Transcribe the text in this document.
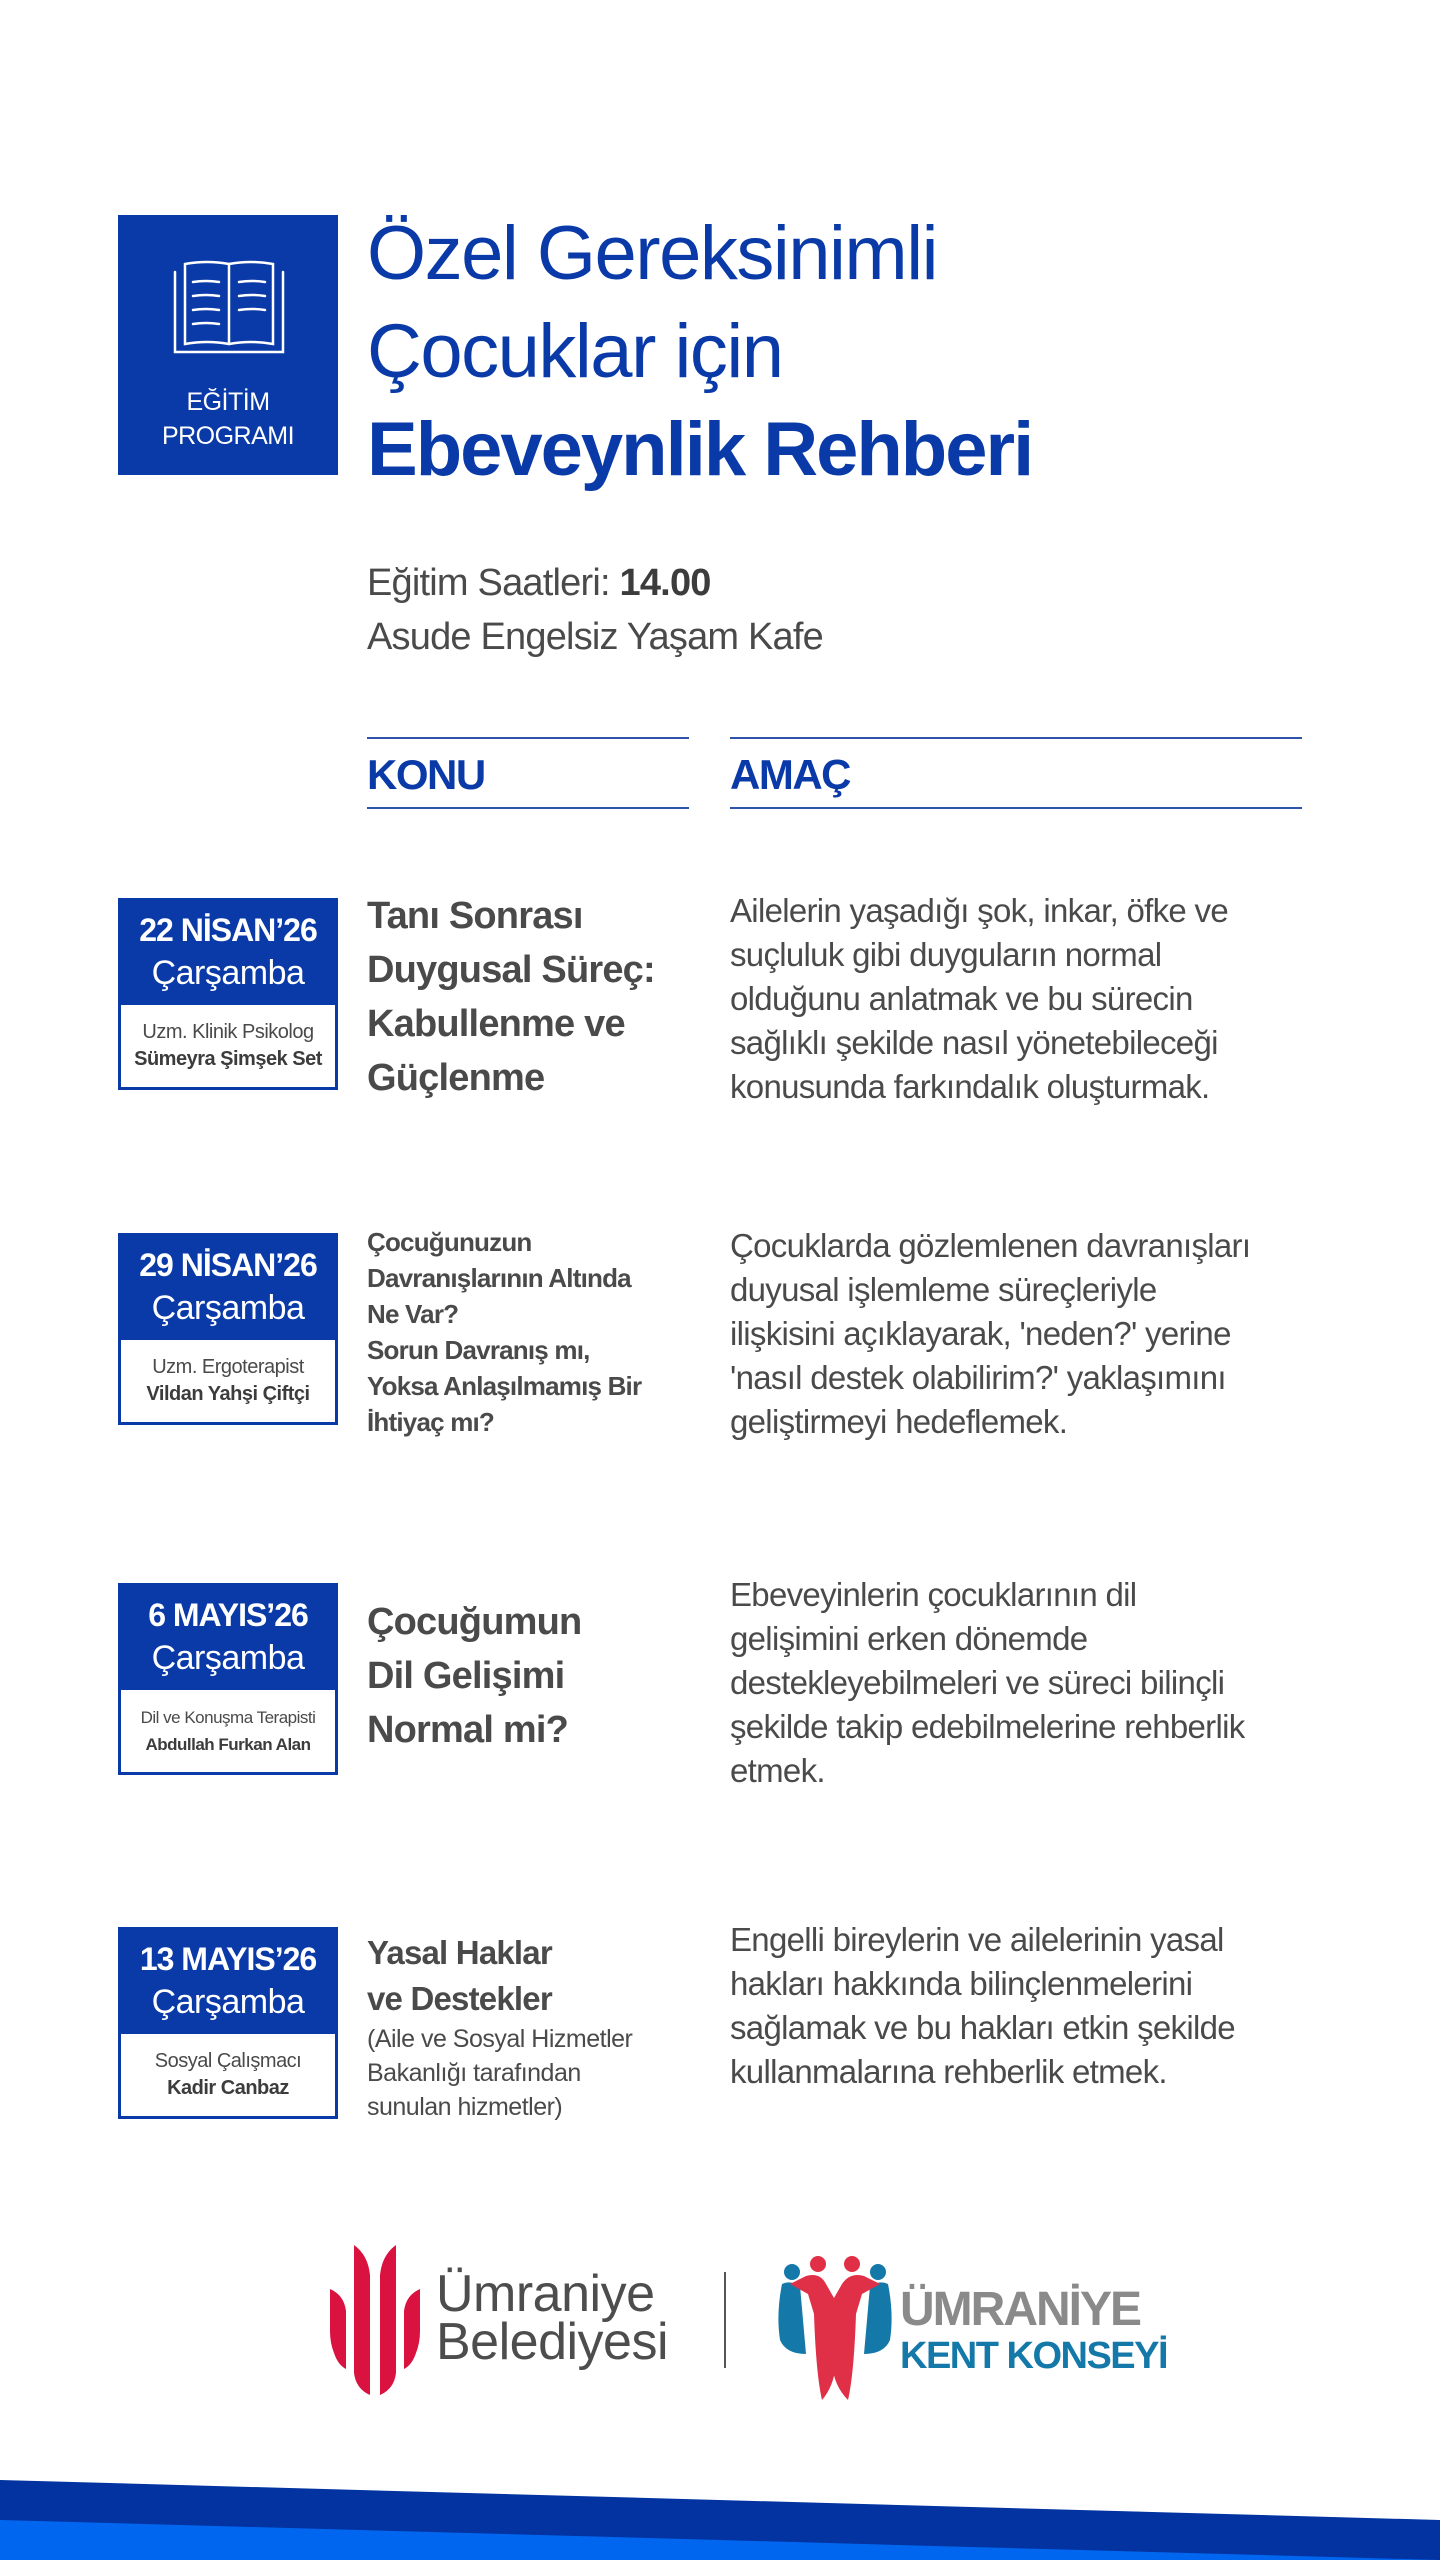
EĞİTİM
PROGRAMI
Özel Gereksinimli
Çocuklar için
Ebeveynlik Rehberi
Eğitim Saatleri: 14.00
Asude Engelsiz Yaşam Kafe
KONU	AMAÇ
22 NİSAN’26
Çarşamba
Uzm. Klinik Psikolog
Sümeyra Şimşek Set
Tanı Sonrası
Duygusal Süreç:
Kabullenme ve
Güçlenme
Ailelerin yaşadığı şok, inkar, öfke ve
suçluluk gibi duyguların normal
olduğunu anlatmak ve bu sürecin
sağlıklı şekilde nasıl yönetebileceği
konusunda farkındalık oluşturmak.
29 NİSAN’26
Çarşamba
Uzm. Ergoterapist
Vildan Yahşi Çiftçi
Çocuğunuzun
Davranışlarının Altında
Ne Var?
Sorun Davranış mı,
Yoksa Anlaşılmamış Bir
İhtiyaç mı?
Çocuklarda gözlemlenen davranışları
duyusal işlemleme süreçleriyle
ilişkisini açıklayarak, 'neden?' yerine
'nasıl destek olabilirim?' yaklaşımını
geliştirmeyi hedeflemek.
6 MAYIS’26
Çarşamba
Dil ve Konuşma Terapisti
Abdullah Furkan Alan
Çocuğumun
Dil Gelişimi
Normal mi?
Ebeveyinlerin çocuklarının dil
gelişimini erken dönemde
destekleyebilmeleri ve süreci bilinçli
şekilde takip edebilmelerine rehberlik
etmek.
13 MAYIS’26
Çarşamba
Sosyal Çalışmacı
Kadir Canbaz
Yasal Haklar
ve Destekler
(Aile ve Sosyal Hizmetler
Bakanlığı tarafından
sunulan hizmetler)
Engelli bireylerin ve ailelerinin yasal
hakları hakkında bilinçlenmelerini
sağlamak ve bu hakları etkin şekilde
kullanmalarına rehberlik etmek.
Ümraniye
Belediyesi
ÜMRANİYE
KENT KONSEYİ
